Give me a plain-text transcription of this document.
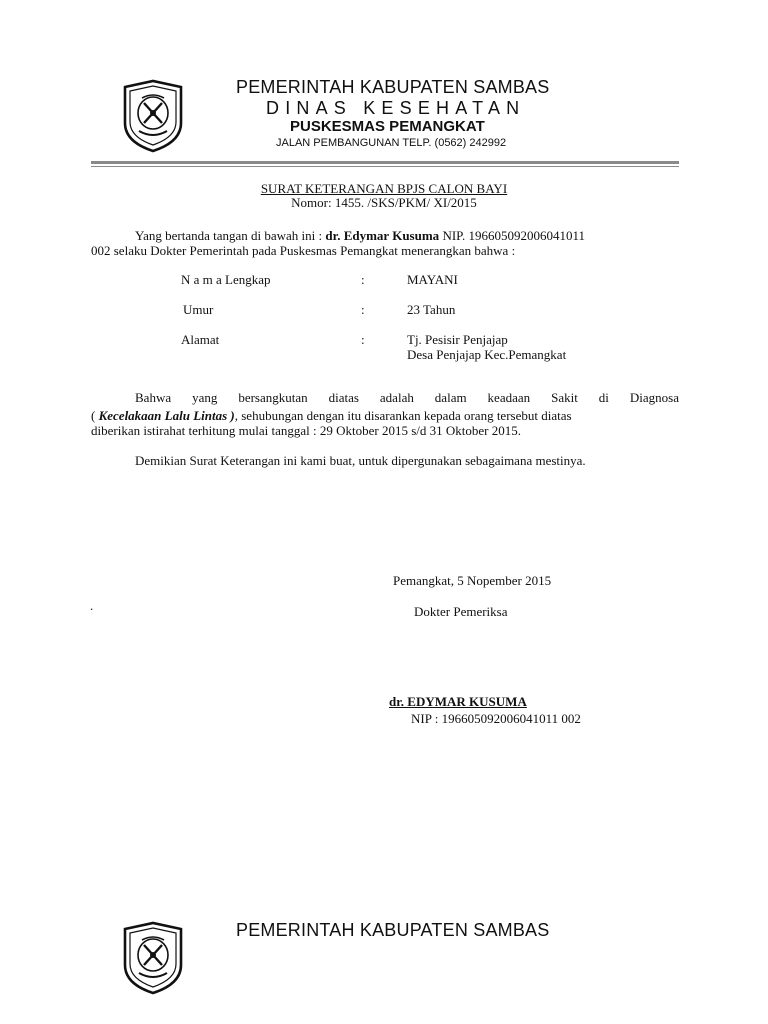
PEMERINTAH KABUPATEN SAMBAS
DINAS KESEHATAN
PUSKESMAS PEMANGKAT
JALAN PEMBANGUNAN TELP. (0562) 242992
SURAT KETERANGAN BPJS CALON BAYI
Nomor: 1455. /SKS/PKM/ XI/2015
Yang bertanda tangan di bawah ini : dr. Edymar Kusuma NIP. 196605092006041011
002 selaku Dokter Pemerintah pada Puskesmas Pemangkat menerangkan bahwa :
N a m a Lengkap	:	MAYANI
Umur	:	23 Tahun
Alamat	:	Tj. Pesisir Penjajap
Desa Penjajap Kec.Pemangkat
Bahwa yang bersangkutan diatas adalah dalam keadaan Sakit di Diagnosa
( Kecelakaan Lalu Lintas ), sehubungan dengan itu disarankan kepada orang tersebut diatas
diberikan istirahat terhitung mulai tanggal : 29 Oktober 2015 s/d 31 Oktober 2015.
Demikian Surat Keterangan ini kami buat, untuk dipergunakan sebagaimana mestinya.
Pemangkat, 5 Nopember 2015
.	Dokter Pemeriksa
dr. EDYMAR KUSUMA
NIP : 196605092006041011 002
PEMERINTAH KABUPATEN SAMBAS
